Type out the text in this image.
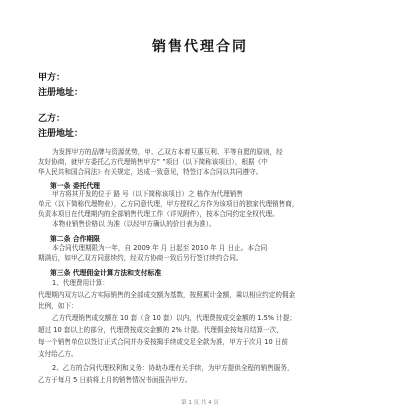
销售代理合同
甲方：
注册地址：
乙方：
注册地址：
为发挥甲方的品牌与资源优势，甲、乙双方本着互惠互利、平等自愿的原则，经
友好协商，就甲方委托乙方代理销售甲方“ ”项目（以下简称该项目），根据《中
华人民共和国合同法》有关规定，达成一致意见，特签订本合同以共同遵守。
第一条 委托代理
甲方将其开发的位于 路 号（以下简称该项目）之 栋作为代理销售
单元（以下简称代理物业），乙方同意代理，甲方授权乙方作为该项目的独家代理销售商，
负责本项目在代理期内的全部销售代理工作（详见附件），按本合同约定全权代理。
本物业销售价格以 为准（以经甲方确认的价目表为准）。
第二条 合作期限
本合同代理期限为一年，自 2009 年 月 日起至 2010 年 月 日止。本合同
期满后，如甲乙双方同意续约，经双方协商一致后另行签订续约合同。
第三条 代理佣金计算方法和支付标准
1、代理费用计算：
代理期内双方以乙方实际销售的全部成交额为基数，按照累计金额，乘以相应约定的佣金
比例，如下：
乙方代理销售成交额在 10 套（含 10 套）以内，代理费按成交金额的 1.5% 计提；
超过 10 套以上的部分，代理费按成交金额的 2% 计提。代理佣金按每月结算一次，
每一个销售单位以签订正式合同并办妥按揭手续或交足全款为准，甲方于次月 10 日前
支付给乙方。
2、乙方的合同代理权利和义务：协助办理有关手续，为甲方提供全程的销售服务，
乙方于每月 5 日前将上月的销售情况书面报告甲方。
第 1 页 共 4 页
